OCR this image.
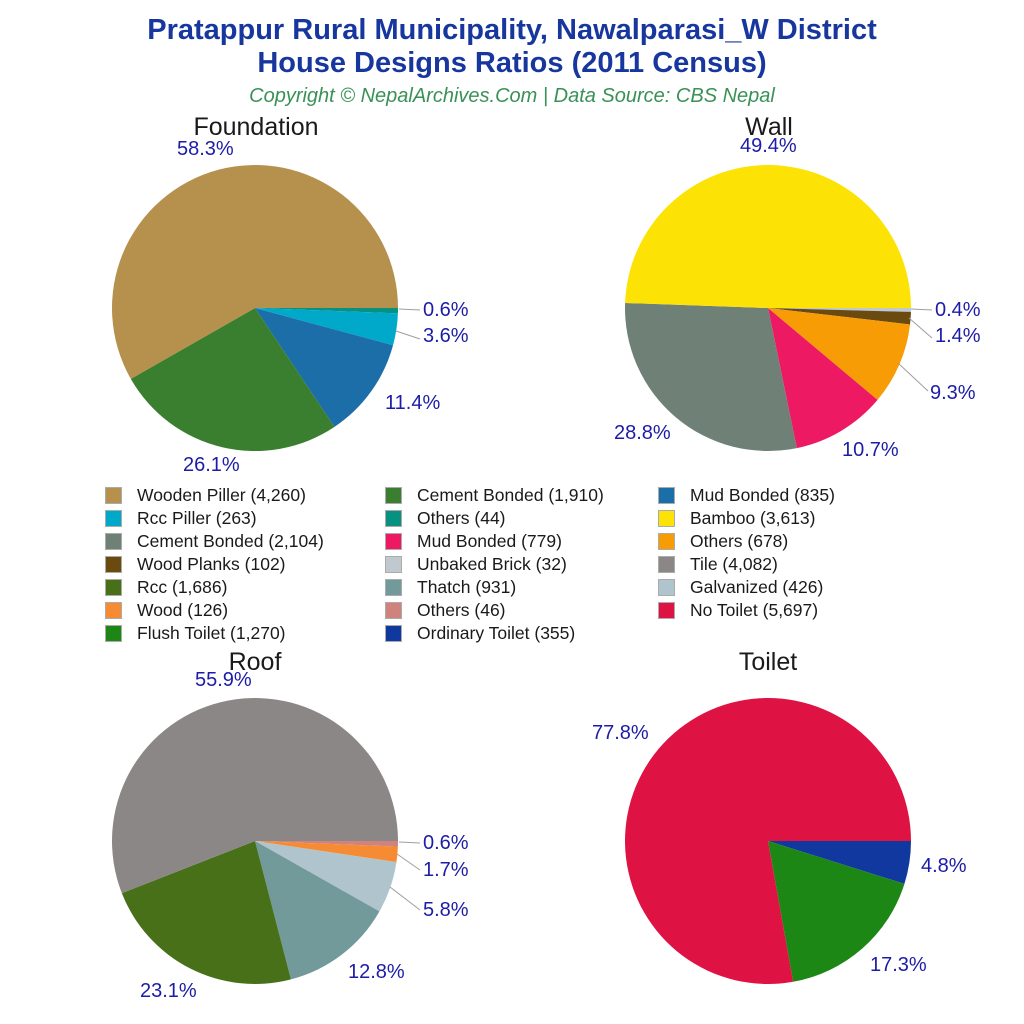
Pratappur Rural Municipality, Nawalparasi_W District
House Designs Ratios (2011 Census)
Copyright © NepalArchives.Com | Data Source: CBS Nepal
Foundation	Wall
Roof	Toilet
58.3%
0.6%
3.6%
11.4%
26.1%
49.4%
0.4%
1.4%
9.3%
10.7%
28.8%
55.9%
0.6%
1.7%
5.8%
12.8%
23.1%
77.8%
4.8%
17.3%
Wooden Piller (4,260)
Rcc Piller (263)
Cement Bonded (2,104)
Wood Planks (102)
Rcc (1,686)
Wood (126)
Flush Toilet (1,270)
Cement Bonded (1,910)
Others (44)
Mud Bonded (779)
Unbaked Brick (32)
Thatch (931)
Others (46)
Ordinary Toilet (355)
Mud Bonded (835)
Bamboo (3,613)
Others (678)
Tile (4,082)
Galvanized (426)
No Toilet (5,697)
